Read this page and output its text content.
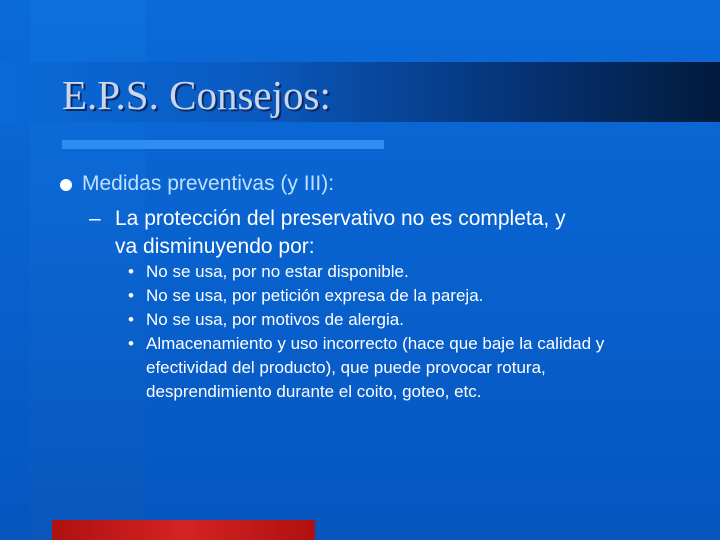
E.P.S. Consejos:
Medidas preventivas (y III):
– La protección del preservativo no es completa, y va disminuyendo por:
• No se usa, por no estar disponible.
• No se usa, por petición expresa de la pareja.
• No se usa, por motivos de alergia.
• Almacenamiento y uso incorrecto (hace que baje la calidad y efectividad del producto), que puede provocar rotura, desprendimiento durante el coito, goteo, etc.
